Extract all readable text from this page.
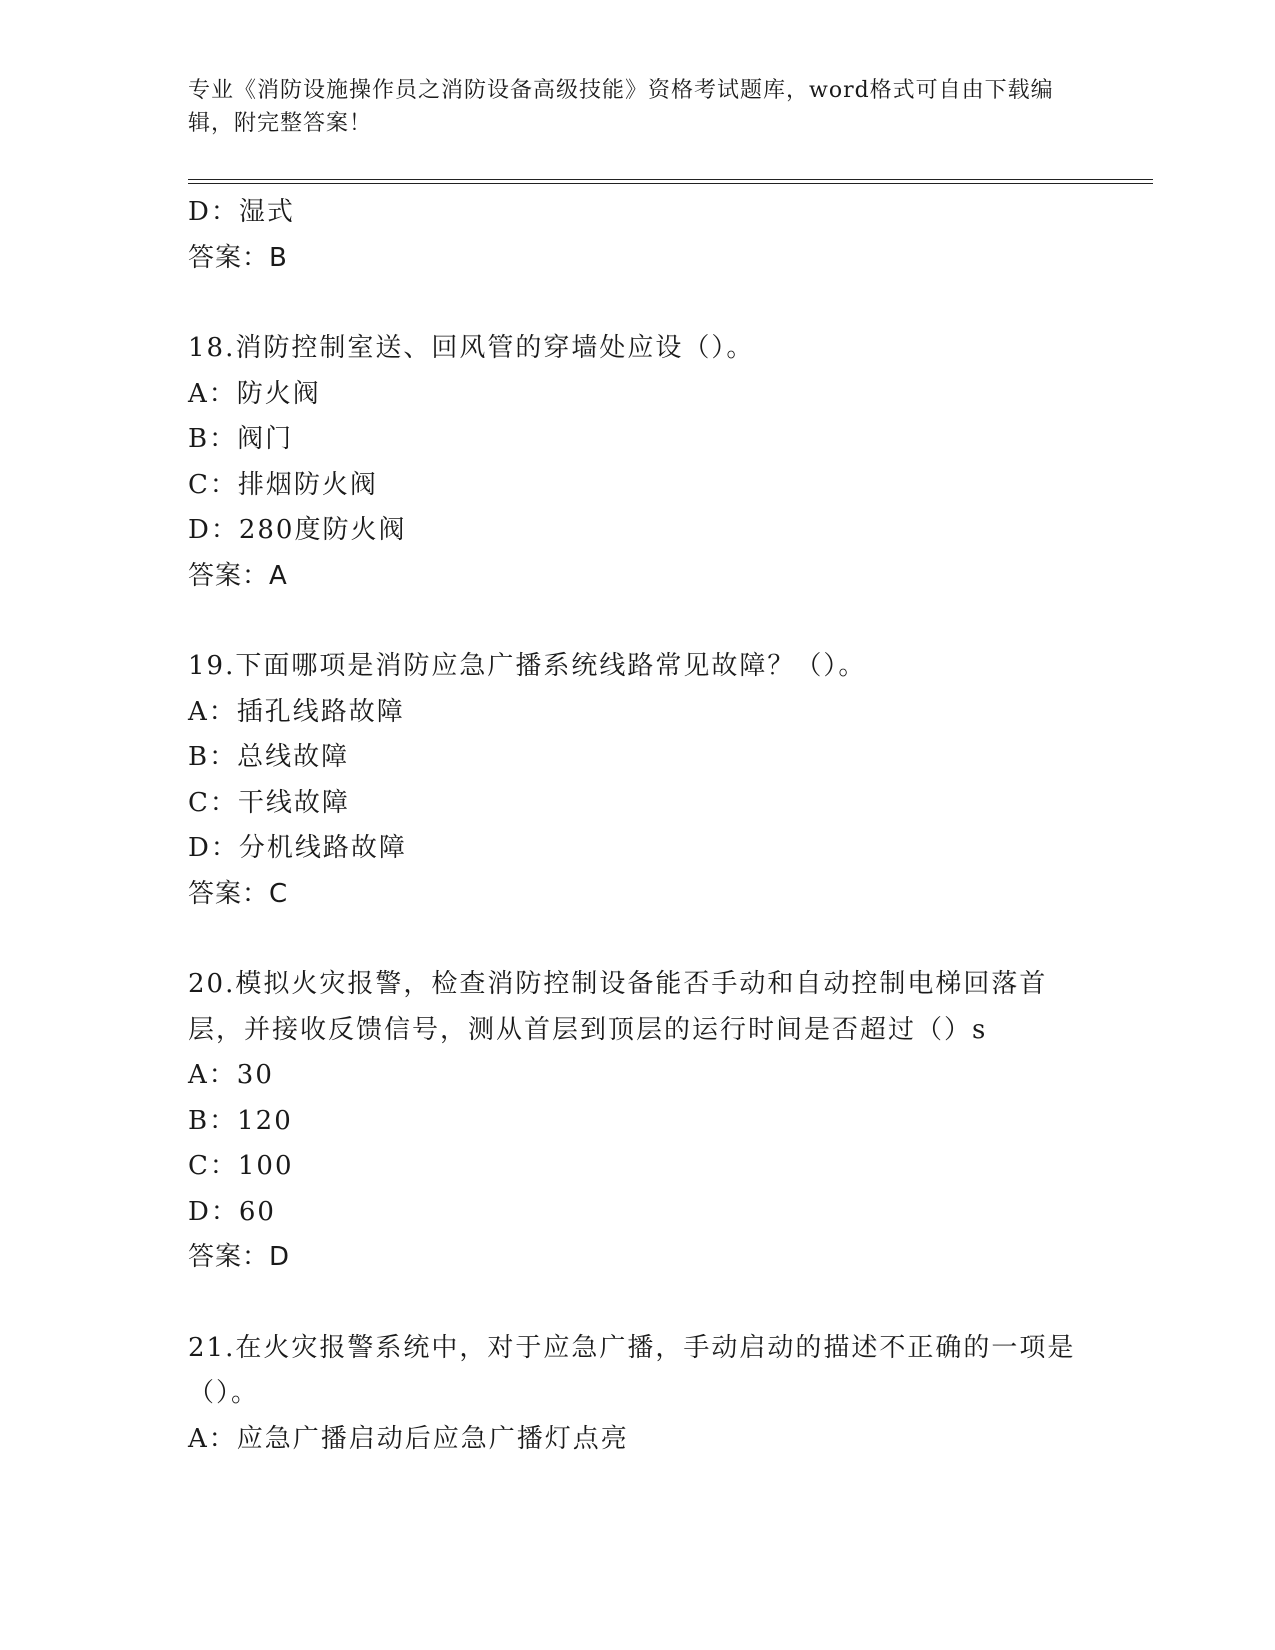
专业《消防设施操作员之消防设备高级技能》资格考试题库，word格式可自由下载编辑，附完整答案！
D：湿式
答案：B
18.消防控制室送、回风管的穿墙处应设（）。
A：防火阀
B：阀门
C：排烟防火阀
D：280度防火阀
答案：A
19.下面哪项是消防应急广播系统线路常见故障？（）。
A：插孔线路故障
B：总线故障
C：干线故障
D：分机线路故障
答案：C
20.模拟火灾报警，检查消防控制设备能否手动和自动控制电梯回落首层，并接收反馈信号，测从首层到顶层的运行时间是否超过（）s
A：30
B：120
C：100
D：60
答案：D
21.在火灾报警系统中，对于应急广播，手动启动的描述不正确的一项是（）。
A：应急广播启动后应急广播灯点亮
